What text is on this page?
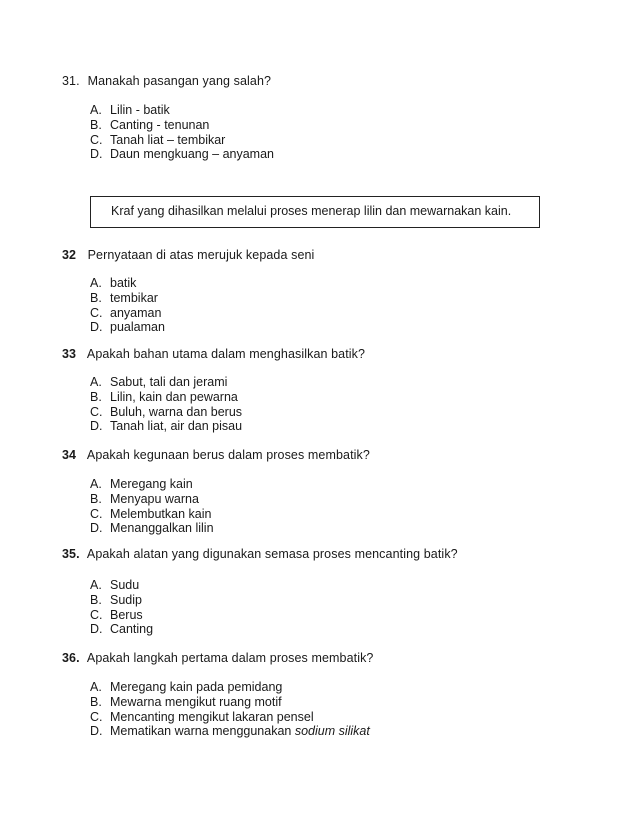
31. Manakah pasangan yang salah?
A. Lilin - batik
B. Canting - tenunan
C. Tanah liat – tembikar
D. Daun mengkuang – anyaman
Kraf yang dihasilkan melalui proses menerap lilin dan mewarnakan kain.
32 Pernyataan di atas merujuk kepada seni
A. batik
B. tembikar
C. anyaman
D. pualaman
33 Apakah bahan utama dalam menghasilkan batik?
A. Sabut, tali dan jerami
B. Lilin, kain dan pewarna
C. Buluh, warna dan berus
D. Tanah liat, air dan pisau
34 Apakah kegunaan berus dalam proses membatik?
A. Meregang kain
B. Menyapu warna
C. Melembutkan kain
D. Menanggalkan lilin
35. Apakah alatan yang digunakan semasa proses mencanting batik?
A. Sudu
B. Sudip
C. Berus
D. Canting
36. Apakah langkah pertama dalam proses membatik?
A. Meregang kain pada pemidang
B. Mewarna mengikut ruang motif
C. Mencanting mengikut lakaran pensel
D. Mematikan warna menggunakan sodium silikat
